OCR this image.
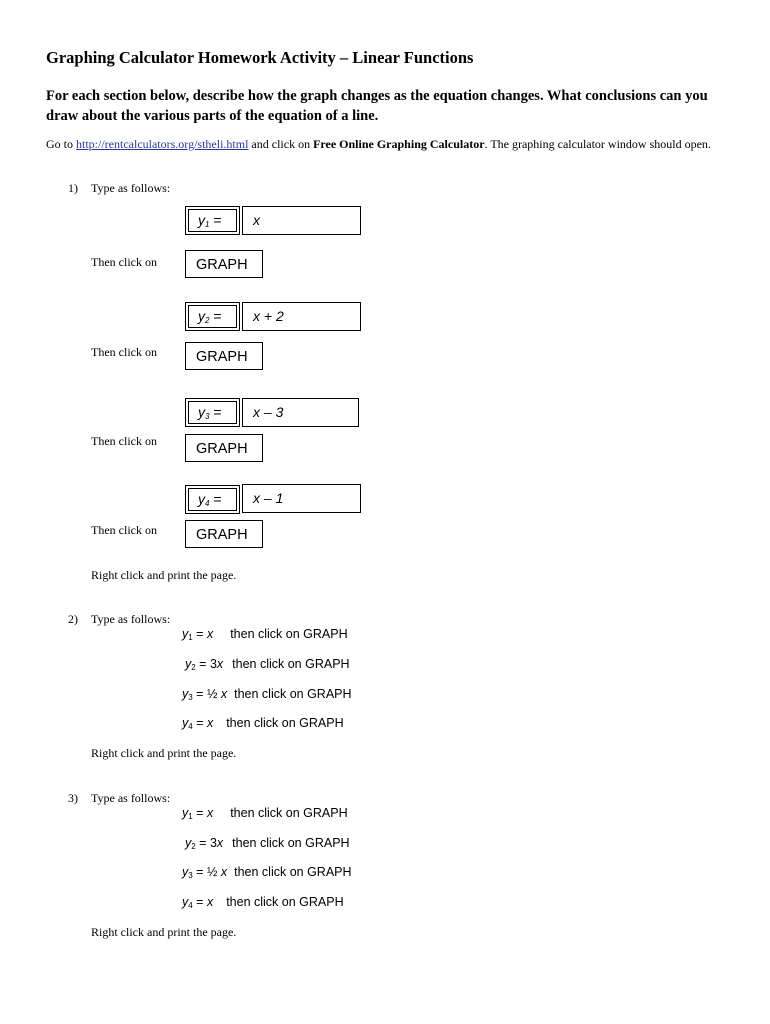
Graphing Calculator Homework Activity – Linear Functions
For each section below, describe how the graph changes as the equation changes. What conclusions can you draw about the various parts of the equation of a line.
Go to http://rentcalculators.org/stheli.html and click on Free Online Graphing Calculator. The graphing calculator window should open.
1) Type as follows:
$y_1 = x$
Then click on	GRAPH
$y_2 = x + 2$
Then click on	GRAPH
$y_3 = x - 3$
Then click on	GRAPH
$y_4 = x - 1$
Then click on	GRAPH
Right click and print the page.
2) Type as follows:
$y_1 = x$ then click on GRAPH
$y_2 = 3x$ then click on GRAPH
$y_3$ = ½ x then click on GRAPH
$y_4 = x$ then click on GRAPH
Right click and print the page.
3) Type as follows:
$y_1 = x$ then click on GRAPH
$y_2 = 3x$ then click on GRAPH
$y_3$ = ½ x then click on GRAPH
$y_4 = x$ then click on GRAPH
Right click and print the page.
